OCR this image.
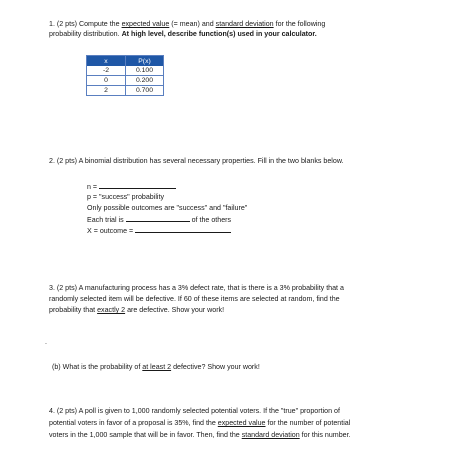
1. (2 pts) Compute the expected value (= mean) and standard deviation for the following
probability distribution. At high level, describe function(s) used in your calculator.
x	P(x)
-2	0.100
0	0.200
2	0.700
2. (2 pts) A binomial distribution has several necessary properties. Fill in the two blanks below.
n =
p = "success" probability
Only possible outcomes are "success" and "failure"
Each trial is	of the others
X = outcome =
3. (2 pts) A manufacturing process has a 3% defect rate, that is there is a 3% probability that a
randomly selected item will be defective. If 60 of these items are selected at random, find the
probability that exactly 2 are defective. Show your work!
.
(b) What is the probability of at least 2 defective? Show your work!
4. (2 pts) A poll is given to 1,000 randomly selected potential voters. If the "true" proportion of
potential voters in favor of a proposal is 35%, find the expected value for the number of potential
voters in the 1,000 sample that will be in favor. Then, find the standard deviation for this number.
